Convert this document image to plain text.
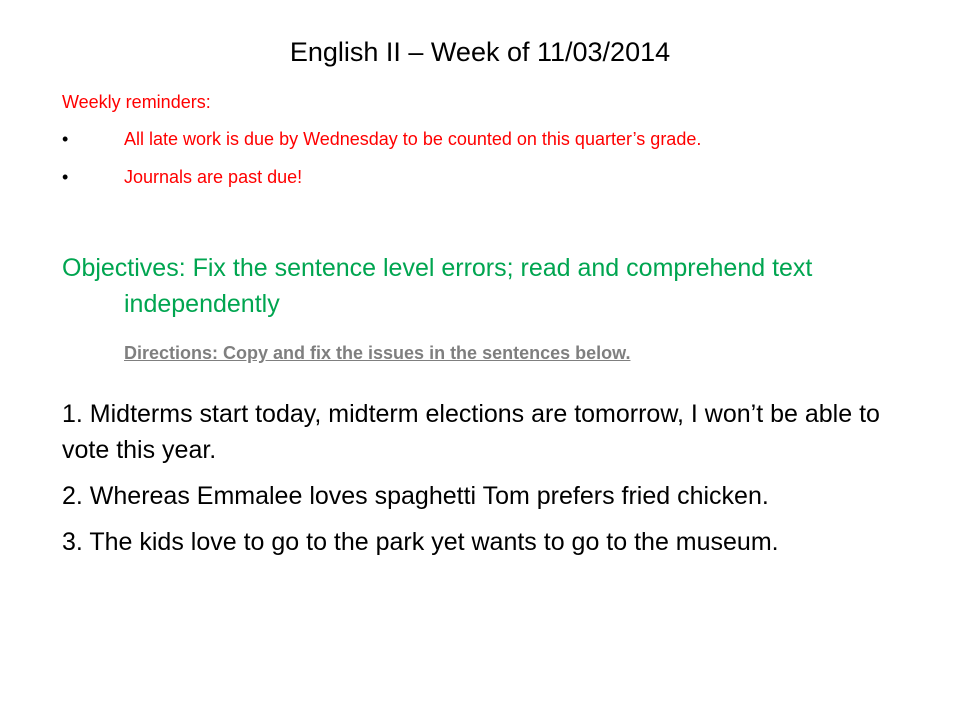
English II – Week of 11/03/2014
Weekly reminders:
•	All late work is due by Wednesday to be counted on this quarter’s grade.
•	Journals are past due!
Objectives: Fix the sentence level errors; read and comprehend text independently
Directions: Copy and fix the issues in the sentences below.
1. Midterms start today, midterm elections are tomorrow, I won’t be able to vote this year.
2. Whereas Emmalee loves spaghetti Tom prefers fried chicken.
3. The kids love to go to the park yet wants to go to the museum.
